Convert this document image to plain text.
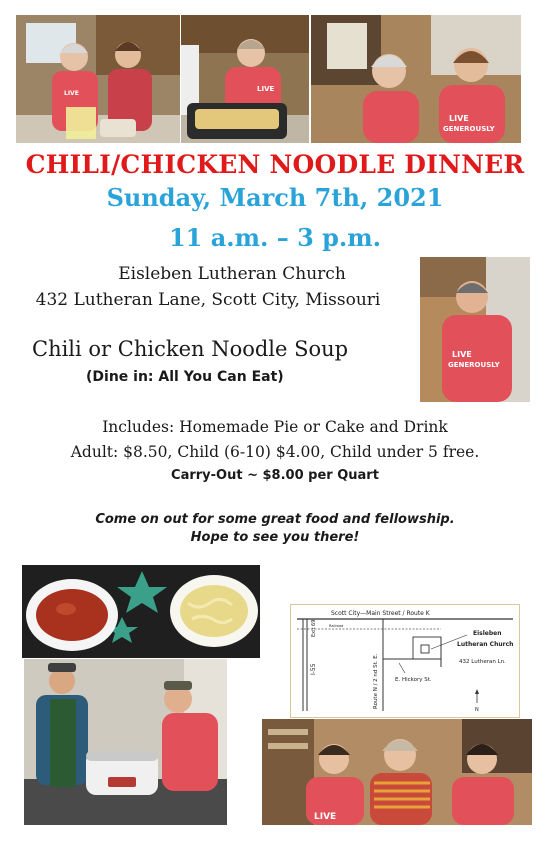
LIVE
LIVE
LIVE
GENEROUSLY
CHILI/CHICKEN NOODLE DINNER
Sunday, March 7th, 2021
11 a.m. – 3 p.m.
Eisleben Lutheran Church
432 Lutheran Lane, Scott City, Missouri
LIVE
GENEROUSLY
Chili or Chicken Noodle Soup
(Dine in: All You Can Eat)
Includes: Homemade Pie or Cake and Drink
Adult: $8.50, Child (6-10) $4.00, Child under 5 free.
Carry-Out ~ $8.00 per Quart
Come on out for some great food and fellowship.
Hope to see you there!
Scott City—Main Street / Route K
Railroad
Exit 69
I-55	Route N / 2 nd St. E.	E. Hickory St.
Eisleben
Lutheran Church
432 Lutheran Ln.
N
LIVE
